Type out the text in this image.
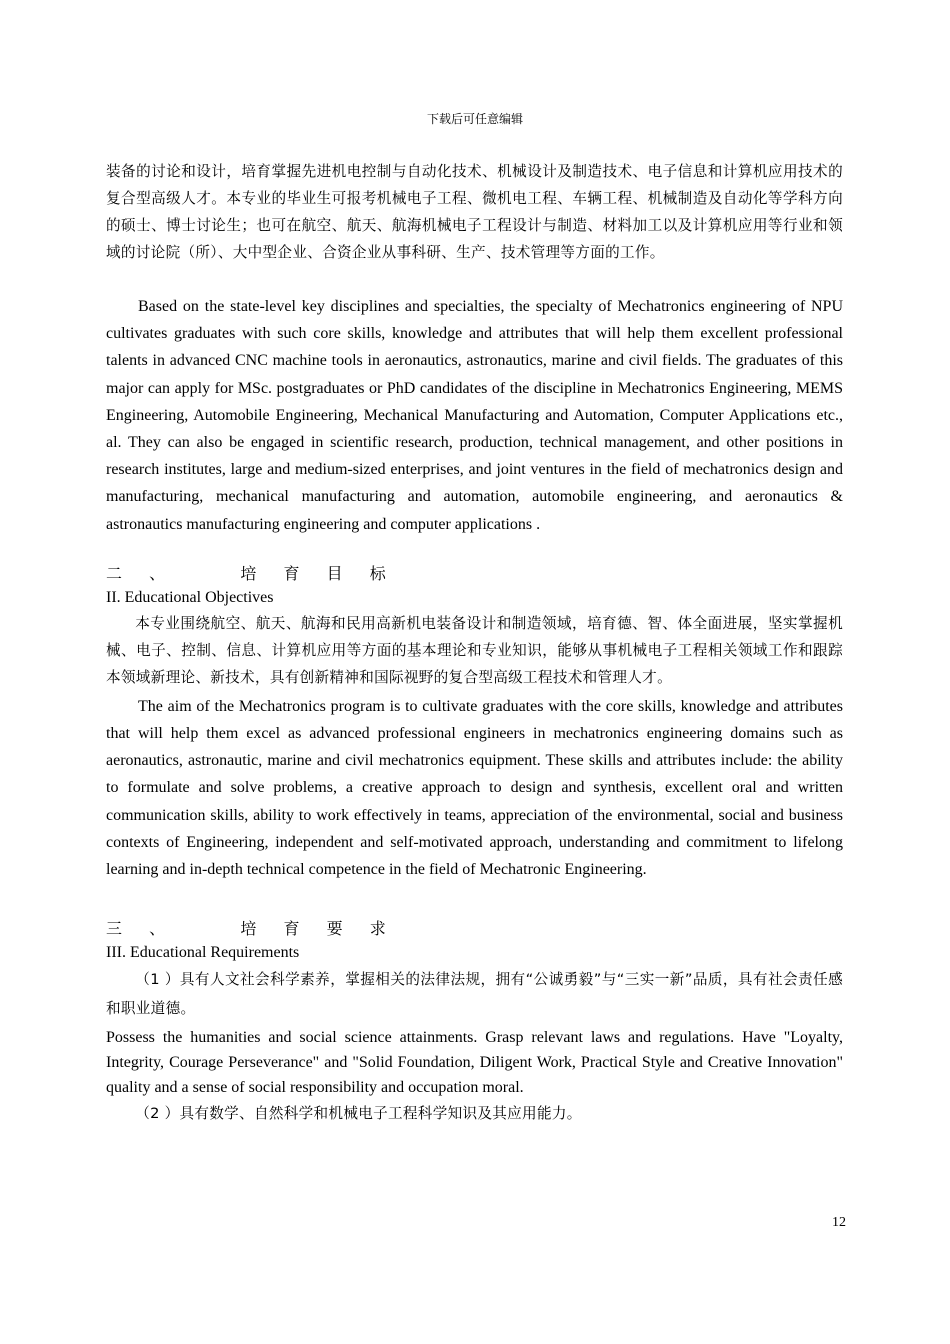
下载后可任意编辑

装备的讨论和设计，培育掌握先进机电控制与自动化技术、机械设计及制造技术、电子信息和计算机应用技术的复合型高级人才。本专业的毕业生可报考机械电子工程、微机电工程、车辆工程、机械制造及自动化等学科方向的硕士、博士讨论生；也可在航空、航天、航海机械电子工程设计与制造、材料加工以及计算机应用等行业和领域的讨论院（所）、大中型企业、合资企业从事科研、生产、技术管理等方面的工作。

Based on the state-level key disciplines and specialties, the specialty of Mechatronics engineering of NPU cultivates graduates with such core skills, knowledge and attributes that will help them excellent professional talents in advanced CNC machine tools in aeronautics, astronautics, marine and civil fields. The graduates of this major can apply for MSc. postgraduates or PhD candidates of the discipline in Mechatronics Engineering, MEMS Engineering, Automobile Engineering, Mechanical Manufacturing and Automation, Computer Applications etc., al. They can also be engaged in scientific research, production, technical management, and other positions in research institutes, large and medium-sized enterprises, and joint ventures in the field of mechatronics design and manufacturing, mechanical manufacturing and automation, automobile engineering, and aeronautics & astronautics manufacturing engineering and computer applications .

二 、    培 育 目 标

II. Educational Objectives

本专业围绕航空、航天、航海和民用高新机电装备设计和制造领域，培育德、智、体全面进展，坚实掌握机械、电子、控制、信息、计算机应用等方面的基本理论和专业知识，能够从事机械电子工程相关领域工作和跟踪本领域新理论、新技术，具有创新精神和国际视野的复合型高级工程技术和管理人才。

The aim of the Mechatronics program is to cultivate graduates with the core skills, knowledge and attributes that will help them excel as advanced professional engineers in mechatronics engineering domains such as aeronautics, astronautic, marine and civil mechatronics equipment. These skills and attributes include: the ability to formulate and solve problems, a creative approach to design and synthesis, excellent oral and written communication skills, ability to work effectively in teams, appreciation of the environmental, social and business contexts of Engineering, independent and self-motivated approach, understanding and commitment to lifelong learning and in-depth technical competence in the field of Mechatronic Engineering.

三 、    培 育 要 求

III. Educational Requirements

（1 ）具有人文社会科学素养，掌握相关的法律法规，拥有“公诚勇毅”与“三实一新”品质，具有社会责任感和职业道德。

Possess the humanities and social science attainments. Grasp relevant laws and regulations. Have "Loyalty, Integrity, Courage Perseverance" and "Solid Foundation, Diligent Work, Practical Style and Creative Innovation" quality and a sense of social responsibility and occupation moral.

（2 ）具有数学、自然科学和机械电子工程科学知识及其应用能力。

12
